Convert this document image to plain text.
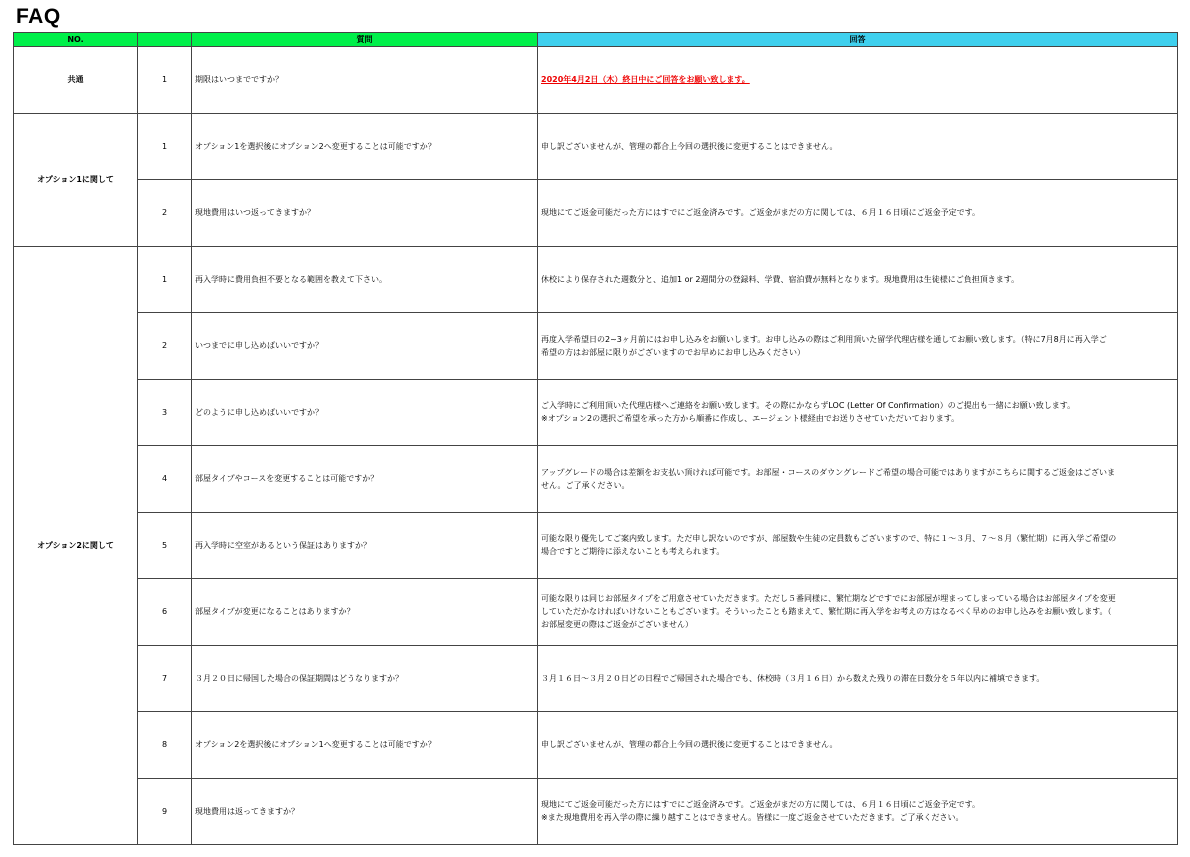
FAQ
NO.		質問	回答
共通	1	期限はいつまでですか？	2020年4月2日（木）終日中にご回答をお願い致します。

オプション1に関して	1	オプション1を選択後にオプション2へ変更することは可能ですか？	申し訳ございませんが、管理の都合上今回の選択後に変更することはできません。

	2	現地費用はいつ返ってきますか？	現地にてご返金可能だった方にはすでにご返金済みです。ご返金がまだの方に関しては、６月１６日頃にご返金予定です。

オプション2に関して	1	再入学時に費用負担不要となる範囲を教えて下さい。	休校により保存された週数分と、追加1 or 2週間分の登録料、学費、宿泊費が無料となります。現地費用は生徒様にご負担頂きます。

	2	いつまでに申し込めばいいですか？	再度入学希望日の2~3ヶ月前にはお申し込みをお願いします。お申し込みの際はご利用頂いた留学代理店様を通してお願い致します。（特に7月8月に再入学ご
希望の方はお部屋に限りがございますのでお早めにお申し込みください）

	3	どのように申し込めばいいですか？	ご入学時にご利用頂いた代理店様へご連絡をお願い致します。その際にかならずLOC (Letter Of Confirmation）のご提出も一緒にお願い致します。
※オプション2の選択ご希望を承った方から順番に作成し、エージェント様経由でお送りさせていただいております。

	4	部屋タイプやコースを変更することは可能ですか？	アップグレードの場合は差額をお支払い頂ければ可能です。お部屋・コースのダウングレードご希望の場合可能ではありますがこちらに関するご返金はございま
せん。ご了承ください。

	5	再入学時に空室があるという保証はありますか？	可能な限り優先してご案内致します。ただ申し訳ないのですが、部屋数や生徒の定員数もございますので、特に１～３月、７～８月（繁忙期）に再入学ご希望の
場合ですとご期待に添えないことも考えられます。

	6	部屋タイプが変更になることはありますか？	可能な限りは同じお部屋タイプをご用意させていただきます。ただし５番同様に、繁忙期などですでにお部屋が埋まってしまっている場合はお部屋タイプを変更
していただかなければいけないこともございます。そういったことも踏まえて、繁忙期に再入学をお考えの方はなるべく早めのお申し込みをお願い致します。（
お部屋変更の際はご返金がございません）

	7	３月２０日に帰国した場合の保証期間はどうなりますか？	３月１６日～３月２０日どの日程でご帰国された場合でも、休校時（３月１６日）から数えた残りの滞在日数分を５年以内に補填できます。

	8	オプション2を選択後にオプション1へ変更することは可能ですか？	申し訳ございませんが、管理の都合上今回の選択後に変更することはできません。

	9	現地費用は返ってきますか？	現地にてご返金可能だった方にはすでにご返金済みです。ご返金がまだの方に関しては、６月１６日頃にご返金予定です。
※また現地費用を再入学の際に繰り越すことはできません。皆様に一度ご返金させていただきます。ご了承ください。
